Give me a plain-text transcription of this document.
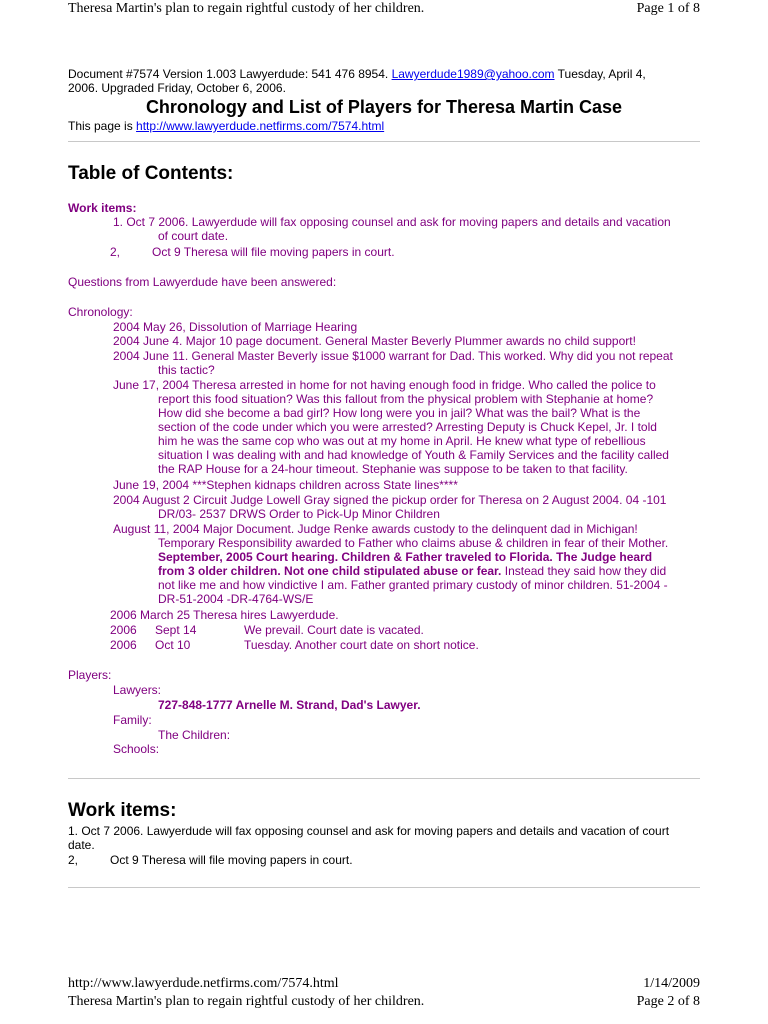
Theresa Martin's plan to regain rightful custody of her children.	Page 1 of 8
Document #7574 Version 1.003 Lawyerdude: 541 476 8954. Lawyerdude1989@yahoo.com Tuesday, April 4,
2006. Upgraded Friday, October 6, 2006.
Chronology and List of Players for Theresa Martin Case
This page is http://www.lawyerdude.netfirms.com/7574.html
Table of Contents:
Work items:
1. Oct 7 2006. Lawyerdude will fax opposing counsel and ask for moving papers and details and vacation
of court date.
2,	Oct 9 Theresa will file moving papers in court.
Questions from Lawyerdude have been answered:
Chronology:
2004 May 26, Dissolution of Marriage Hearing
2004 June 4. Major 10 page document. General Master Beverly Plummer awards no child support!
2004 June 11. General Master Beverly issue $1000 warrant for Dad. This worked. Why did you not repeat
this tactic?
June 17, 2004 Theresa arrested in home for not having enough food in fridge. Who called the police to
report this food situation? Was this fallout from the physical problem with Stephanie at home?
How did she become a bad girl? How long were you in jail? What was the bail? What is the
section of the code under which you were arrested? Arresting Deputy is Chuck Kepel, Jr. I told
him he was the same cop who was out at my home in April. He knew what type of rebellious
situation I was dealing with and had knowledge of Youth & Family Services and the facility called
the RAP House for a 24-hour timeout. Stephanie was suppose to be taken to that facility.
June 19, 2004 ***Stephen kidnaps children across State lines****
2004 August 2 Circuit Judge Lowell Gray signed the pickup order for Theresa on 2 August 2004. 04 -101
DR/03- 2537 DRWS Order to Pick-Up Minor Children
August 11, 2004 Major Document. Judge Renke awards custody to the delinquent dad in Michigan!
Temporary Responsibility awarded to Father who claims abuse & children in fear of their Mother.
September, 2005 Court hearing. Children & Father traveled to Florida. The Judge heard
from 3 older children. Not one child stipulated abuse or fear. Instead they said how they did
not like me and how vindictive I am. Father granted primary custody of minor children. 51-2004 -
DR-51-2004 -DR-4764-WS/E
2006 March 25 Theresa hires Lawyerdude.
2006 Sept 14	We prevail. Court date is vacated.
2006 Oct 10	Tuesday. Another court date on short notice.
Players:
Lawyers:
727-848-1777 Arnelle M. Strand, Dad's Lawyer.
Family:
The Children:
Schools:
Work items:
1. Oct 7 2006. Lawyerdude will fax opposing counsel and ask for moving papers and details and vacation of court
date.
2,	Oct 9 Theresa will file moving papers in court.
http://www.lawyerdude.netfirms.com/7574.html	1/14/2009
Theresa Martin's plan to regain rightful custody of her children.	Page 2 of 8
